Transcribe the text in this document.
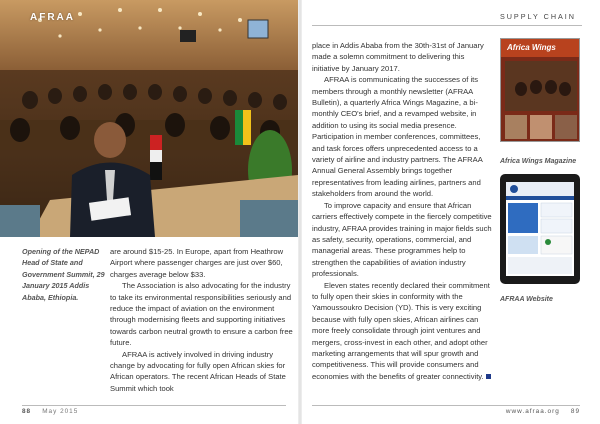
AFRAA
Opening of the NEPAD Head of State and Government Summit, 29 January 2015 Addis Ababa, Ethiopia.

are around $15-25. In Europe, apart from Heathrow Airport where passenger charges are just over $60, charges average below $33.

The Association is also advocating for the industry to take its environmental responsibilities seriously and reduce the impact of aviation on the environment through modernising fleets and supporting initiatives towards carbon neutral growth to ensure a carbon free future.

AFRAA is actively involved in driving industry change by advocating for fully open African skies for African operators. The recent African Heads of State Summit which took

88 May 2015
SUPPLY CHAIN

place in Addis Ababa from the 30th-31st of January made a solemn commitment to delivering this initiative by January 2017.

AFRAA is communicating the successes of its members through a monthly newsletter (AFRAA Bulletin), a quarterly Africa Wings Magazine, a bi-monthly CEO's brief, and a revamped website, in addition to using its social media presence. Participation in member conferences, committees, and task forces offers unprecedented access to a variety of airline and industry partners. The AFRAA Annual General Assembly brings together representatives from leading airlines, partners and stakeholders from around the world.

To improve capacity and ensure that African carriers effectively compete in the fiercely competitive industry, AFRAA provides training in major fields such as safety, security, operations, commercial, and managerial areas. These programmes help to strengthen the capabilities of aviation industry professionals.

Eleven states recently declared their commitment to fully open their skies in conformity with the Yamoussoukro Decision (YD). This is very exciting because with fully open skies, African airlines can more freely consolidate through joint ventures and mergers, cross-invest in each other, and adopt other marketing arrangements that will spur growth and competitiveness. This will provide consumers and economies with the benefits of greater connectivity.

Africa Wings
Africa Wings Magazine
AFRAA Website
www.afraa.org 89
